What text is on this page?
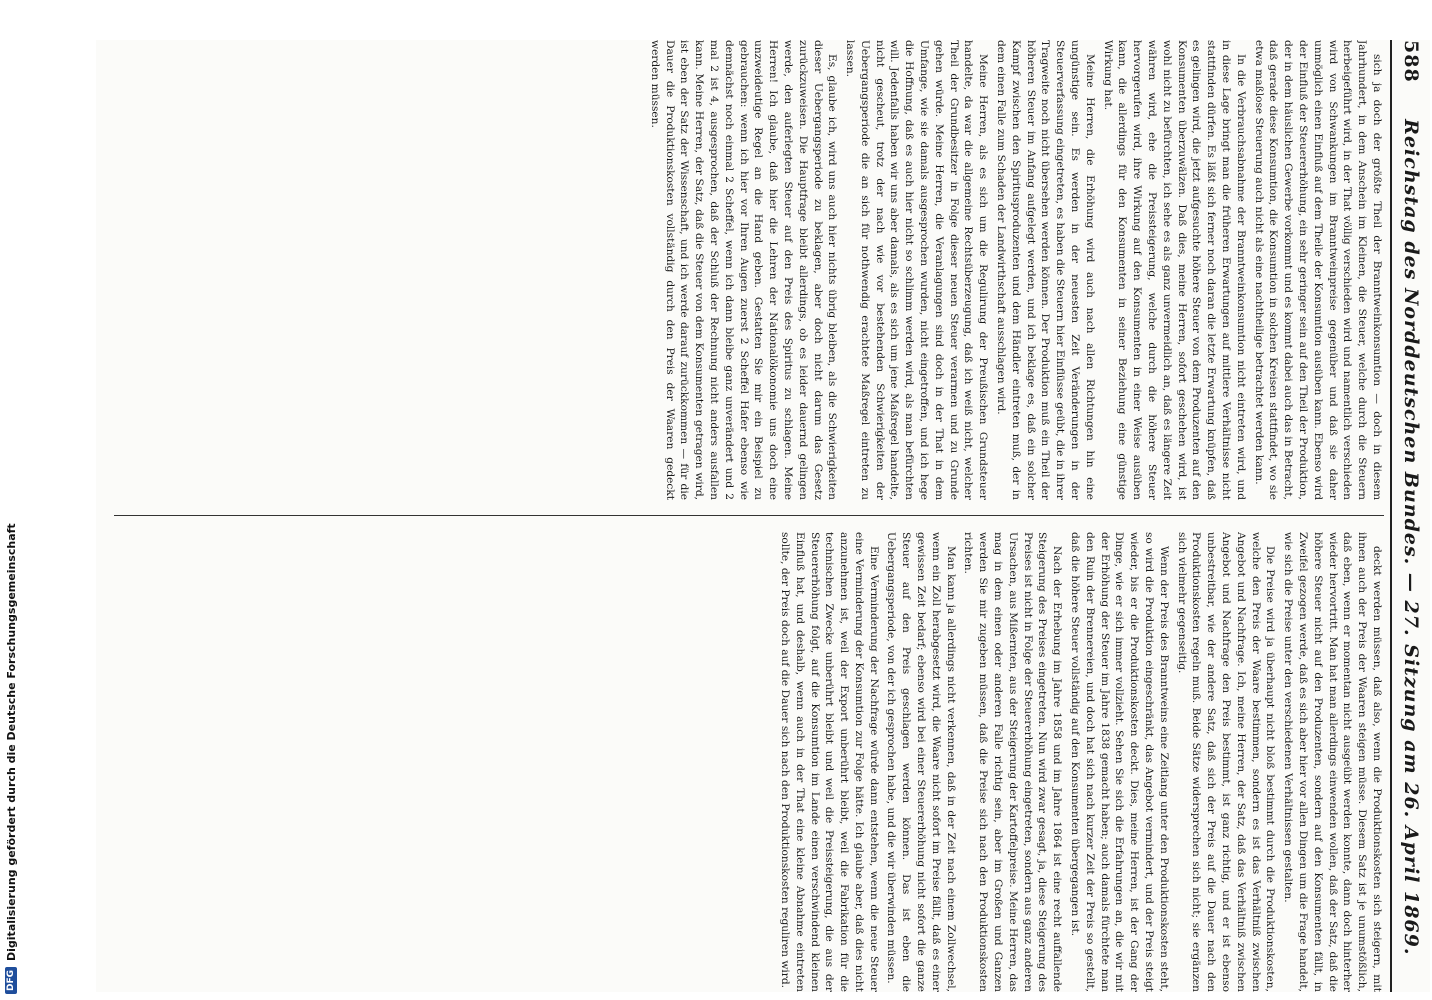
DFG
Digitalisierung gefördert durch die Deutsche Forschungsgemeinschaft
588
Reichstag des Norddeutschen Bundes. — 27. Sitzung am 26. April 1869.

sich ja doch der größte Theil der Branntweinkonsumtion — doch in diesem Jahrhundert, in dem Anschein im Kleinen, die Steuer, welche durch die Steuern herbeigeführt wird, in der That völlig verschieden wird und namentlich verschieden wird von Schwankungen im Branntweinpreise gegenüber und daß sie daher unmöglich einen Einfluß auf dem Theile der Konsumtion ausüben kann. Ebenso wird der Einfluß der Steuererhöhung, ein sehr geringer sein auf den Theil der Produktion, der in dem häuslichen Gewerbe vorkommt und es kommt dabei auch das in Betracht, daß gerade diese Konsumtion, die Konsumtion in solchen Kreisen stattfindet, wo sie etwa maßlose Steuerung auch nicht als eine nachtheilige betrachtet werden kann.

In die Verbrauchsabnahme der Branntweinkonsumtion nicht eintreten wird, und in diese Lage bringt man die früheren Erwartungen auf mittlere Verhältnisse nicht stattfinden dürfen. Es läßt sich ferner noch daran die letzte Erwartung knüpfen, daß es gelingen wird, die jetzt aufgesuchte höhere Steuer von dem Produzenten auf den Konsumenten überzuwälzen. Daß dies, meine Herren, sofort geschehen wird, ist wohl nicht zu befürchten, ich sehe es als ganz unvermeidlich an, daß es längere Zeit währen wird, ehe die Preissteigerung, welche durch die höhere Steuer hervorgerufen wird, ihre Wirkung auf den Konsumenten in einer Weise ausüben kann, die allerdings für den Konsumenten in seiner Beziehung eine günstige Wirkung hat.

Meine Herren, die Erhöhung wird auch nach allen Richtungen hin eine ungünstige sein. Es werden in der neuesten Zeit Veränderungen in der Steuerverfassung eingetreten, es haben die Steuern hier Einflüsse geübt, die in ihrer Tragweite noch nicht übersehen werden können. Der Produktion muß ein Theil der höheren Steuer im Anfang aufgelegt werden, und ich beklage es, daß ein solcher Kampf zwischen den Spiritusproduzenten und dem Händler eintreten muß, der in dem einen Falle zum Schaden der Landwirthschaft ausschlagen wird.

Meine Herren, als es sich um die Regulirung der Preußischen Grundsteuer handelte, da war die allgemeine Rechtsüberzeugung, daß ich weiß nicht, welcher Theil der Grundbesitzer in Folge dieser neuen Steuer verarmen und zu Grunde gehen würde. Meine Herren, die Veranlagungen sind doch in der That in dem Umfange, wie sie damals ausgesprochen wurden, nicht eingetroffen, und ich hege die Hoffnung, daß es auch hier nicht so schlimm werden wird, als man befürchten will. Jedenfalls haben wir uns aber damals, als es sich um jene Maßregel handelte, nicht gescheut, trotz der nach wie vor bestehenden Schwierigkeiten der Uebergangsperiode die an sich für nothwendig erachtete Maßregel eintreten zu lassen.

Es, glaube ich, wird uns auch hier nichts übrig bleiben, als die Schwierigkeiten dieser Uebergangsperiode zu beklagen, aber doch nicht darum das Gesetz zurückzuweisen. Die Hauptfrage bleibt allerdings, ob es leider dauernd gelingen werde, den auferlegten Steuer auf den Preis des Spiritus zu schlagen. Meine Herren! Ich glaube, daß hier die Lehren der Nationalökonomie uns doch eine unzweideutige Regel an die Hand geben. Gestatten Sie mir ein Beispiel zu gebrauchen: wenn ich hier vor Ihren Augen zuerst 2 Scheffel Hafer ebenso wie demnächst noch einmal 2 Scheffel, wenn ich dann bleibe ganz unverändert und 2 mal 2 ist 4, ausgesprochen, daß der Schluß der Rechnung nicht anders ausfallen kann. Meine Herren, der Satz, daß die Steuer von dem Konsumenten getragen wird, ist eben der Satz der Wissenschaft, und ich werde darauf zurückkommen — für die Dauer die Produktionskosten vollständig durch den Preis der Waaren gedeckt werden müssen.

deckt werden müssen, daß also, wenn die Produktionskosten sich steigern, mit ihnen auch der Preis der Waaren steigen müsse. Diesem Satz ist je unumstößlich, daß eben, wenn er momentan nicht ausgeübt werden konnte, dann doch hinterher wieder hervortritt. Man hat man allerdings einwenden wollen, daß der Satz, daß die höhere Steuer nicht auf den Produzenten, sondern auf den Konsumenten fällt, in Zweifel gezogen werde, daß es sich aber hier vor allen Dingen um die Frage handelt, wie sich die Preise unter den verschiedenen Verhältnissen gestalten.

Die Preise wird ja überhaupt nicht bloß bestimmt durch die Produktionskosten, welche den Preis der Waare bestimmen, sondern es ist das Verhältniß zwischen Angebot und Nachfrage. Ich, meine Herren, der Satz, daß das Verhältniß zwischen Angebot und Nachfrage den Preis bestimmt, ist ganz richtig, und er ist ebenso unbestreitbar, wie der andere Satz, daß sich der Preis auf die Dauer nach den Produktionskosten regeln muß. Beide Sätze widersprechen sich nicht; sie ergänzen sich vielmehr gegenseitig.

Wenn der Preis des Branntweins eine Zeitlang unter den Produktionskosten steht, so wird die Produktion eingeschränkt, das Angebot vermindert, und der Preis steigt wieder, bis er die Produktionskosten deckt. Dies, meine Herren, ist der Gang der Dinge, wie er sich immer vollzieht. Sehen Sie sich die Erfahrungen an, die wir mit der Erhöhung der Steuer im Jahre 1838 gemacht haben; auch damals fürchtete man den Ruin der Brennereien, und doch hat sich nach kurzer Zeit der Preis so gestellt, daß die höhere Steuer vollständig auf den Konsumenten übergegangen ist.

Nach der Erhebung im Jahre 1858 und im Jahre 1864 ist eine recht auffallende Steigerung des Preises eingetreten. Nun wird zwar gesagt, ja, diese Steigerung des Preises ist nicht in Folge der Steuererhöhung eingetreten, sondern aus ganz anderen Ursachen, aus Mißernten, aus der Steigerung der Kartoffelpreise. Meine Herren, das mag in dem einen oder anderen Falle richtig sein, aber im Großen und Ganzen werden Sie mir zugeben müssen, daß die Preise sich nach den Produktionskosten richten.

Man kann ja allerdings nicht verkennen, daß in der Zeit nach einem Zollwechsel, wenn ein Zoll herabgesetzt wird, die Waare nicht sofort im Preise fällt, daß es einer gewissen Zeit bedarf; ebenso wird bei einer Steuererhöhung nicht sofort die ganze Steuer auf den Preis geschlagen werden können. Das ist eben die Uebergangsperiode, von der ich gesprochen habe, und die wir überwinden müssen.

Eine Verminderung der Nachfrage würde dann entstehen, wenn die neue Steuer eine Verminderung der Konsumtion zur Folge hätte. Ich glaube aber, daß dies nicht anzunehmen ist, weil der Export unberührt bleibt, weil die Fabrikation für die technischen Zwecke unberührt bleibt und weil die Preissteigerung, die aus der Steuererhöhung folgt, auf die Konsumtion im Lande einen verschwindend kleinen Einfluß hat, und deshalb, wenn auch in der That eine kleine Abnahme eintreten sollte, der Preis doch auf die Dauer sich nach den Produktionskosten reguliren wird.
